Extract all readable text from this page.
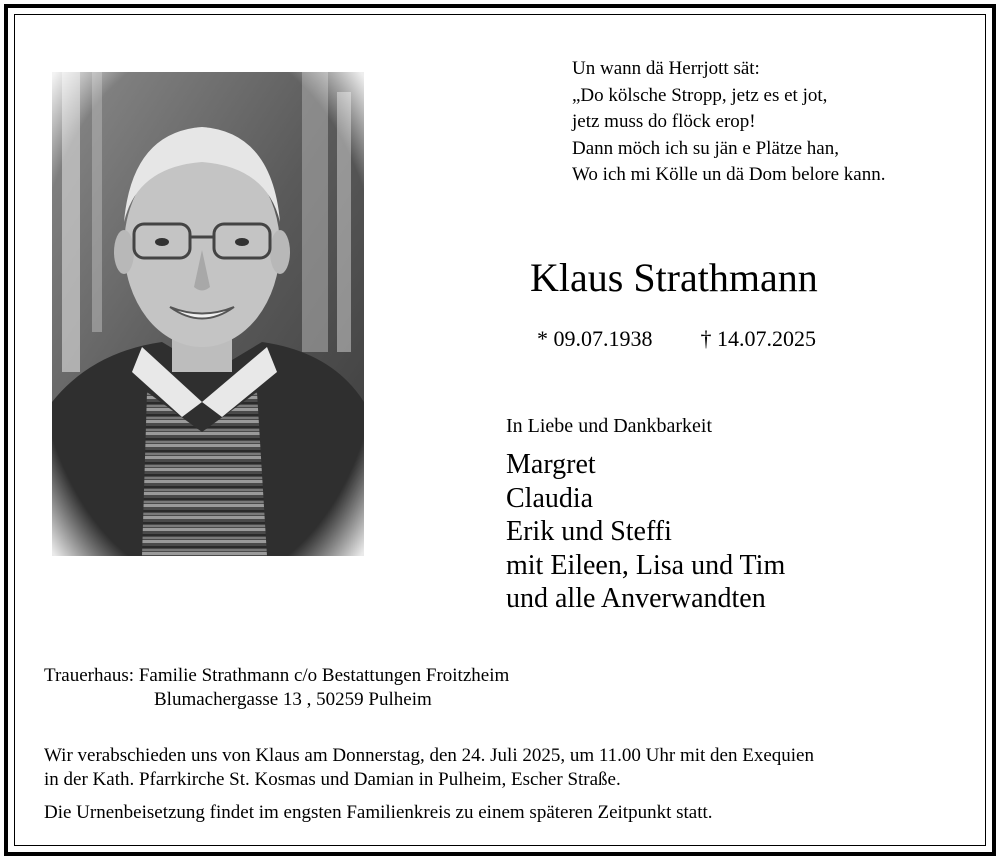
Un wann dä Herrjott sät:
„Do kölsche Stropp, jetz es et jot,
jetz muss do flöck erop!
Dann möch ich su jän e Plätze han,
Wo ich mi Kölle un dä Dom belore kann.
Klaus Strathmann
* 09.07.1938 † 14.07.2025
In Liebe und Dankbarkeit
Margret
Claudia
Erik und Steffi
mit Eileen, Lisa und Tim
und alle Anverwandten
Trauerhaus: Familie Strathmann c/o Bestattungen Froitzheim
Blumachergasse 13 , 50259 Pulheim
Wir verabschieden uns von Klaus am Donnerstag, den 24. Juli 2025, um 11.00 Uhr mit den Exequien
in der Kath. Pfarrkirche St. Kosmas und Damian in Pulheim, Escher Straße.
Die Urnenbeisetzung findet im engsten Familienkreis zu einem späteren Zeitpunkt statt.
